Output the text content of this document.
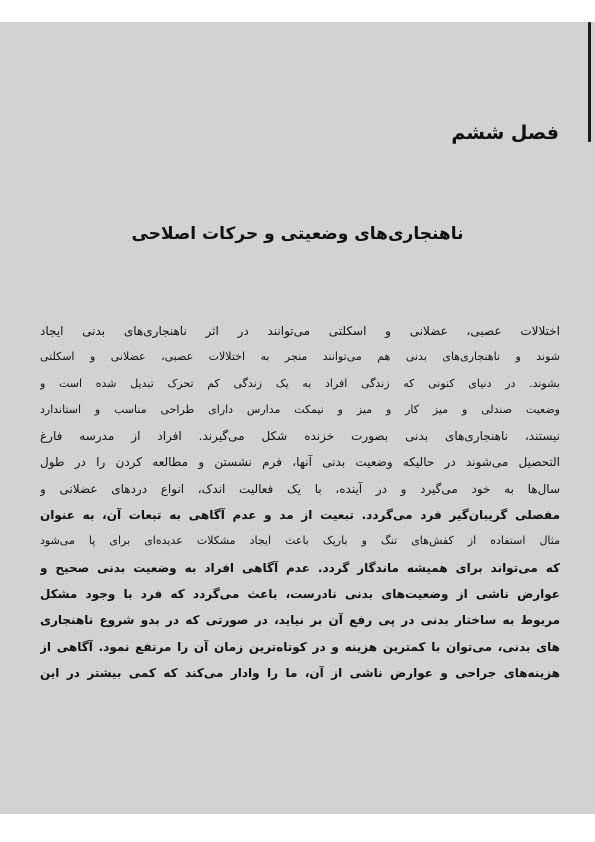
فصل ششم
ناهنجاری‌های وضعیتی و حرکات اصلاحی
اختلالات عصبی، عضلانی و اسکلتی می‌توانند در اثر ناهنجاری‌های بدنی ایجاد
شوند و ناهنجاری‌های بدنی هم می‌توانند منجر به اختلالات عصبی، عضلانی و اسکلتی
بشوند. در دنیای کنونی که زندگی افراد به یک زندگی کم تحرک تبدیل شده است و
وضعیت صندلی و میز کار و میز و نیمکت مدارس دارای طراحی مناسب و استاندارد
نیستند، ناهنجاری‌های بدنی بصورت خزنده شکل می‌گیرند. افراد از مدرسه فارغ
التحصیل می‌شوند در حالیکه وضعیت بدنی آنها، فرم نشستن و مطالعه کردن را در طول
سال‌ها به خود می‌گیرد و در آینده، با یک فعالیت اندک، انواع دردهای عضلانی و
مفصلی گریبان‌گیر فرد می‌گردد. تبعیت از مد و عدم آگاهی به تبعات آن، به عنوان
مثال استفاده از کفش‌های تنگ و باریک باعث ایجاد مشکلات عدیده‌ای برای پا می‌شود
که می‌تواند برای همیشه ماندگار گردد. عدم آگاهی افراد به وضعیت بدنی صحیح و
عوارض ناشی از وضعیت‌های بدنی نادرست، باعث می‌گردد که فرد با وجود مشکل
مربوط به ساختار بدنی در پی رفع آن بر نیاید، در صورتی که در بدو شروع ناهنجاری
های بدنی، می‌توان با کمترین هزینه و در کوتاه‌ترین زمان آن را مرتفع نمود. آگاهی از
هزینه‌های جراحی و عوارض ناشی از آن، ما را وادار می‌کند که کمی بیشتر در این
